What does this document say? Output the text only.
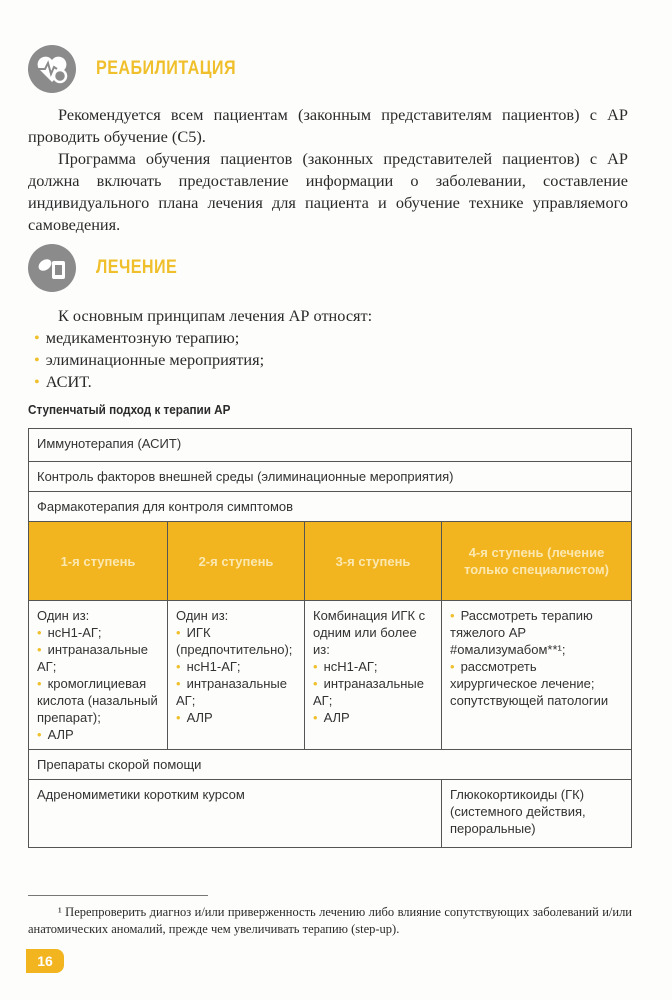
РЕАБИЛИТАЦИЯ

Рекомендуется всем пациентам (законным представителям пациентов) с АР проводить обучение (С5).

Программа обучения пациентов (законных представителей пациентов) с АР должна включать предоставление информации о заболевании, составление индивидуального плана лечения для пациента и обучение технике управляемого самоведения.

ЛЕЧЕНИЕ

К основным принципам лечения АР относят:

• медикаментозную терапию;
• элиминационные мероприятия;
• АСИТ.
Ступенчатый подход к терапии АР
Иммунотерапия (АСИТ)			
Контроль факторов внешней среды (элиминационные мероприятия)			
Фармакотерапия для контроля симптомов			
1-я ступень	2-я ступень	3-я ступень	4-я ступень (лечение только специалистом)

Один из:
• нсН1-АГ;
• интраназальные АГ;
• кромоглициевая кислота (назальный препарат);
• АЛР	Один из:
• ИГК (предпочтительно);
• нсН1-АГ;
• интраназальные АГ;
• АЛР	Комбинация ИГК с одним или более из:
• нсН1-АГ;
• интраназальные АГ;
• АЛР	• Рассмотреть терапию тяжелого АР #омализумабом**¹;
• рассмотреть хирургическое лечение; сопутствующей патологии

Препараты скорой помощи			
Адреномиметики коротким курсом			Глюкокортикоиды (ГК) (системного действия, пероральные)
¹ Перепроверить диагноз и/или приверженность лечению либо влияние сопутствующих заболеваний и/или анатомических аномалий, прежде чем увеличивать терапию (step-up).
16
